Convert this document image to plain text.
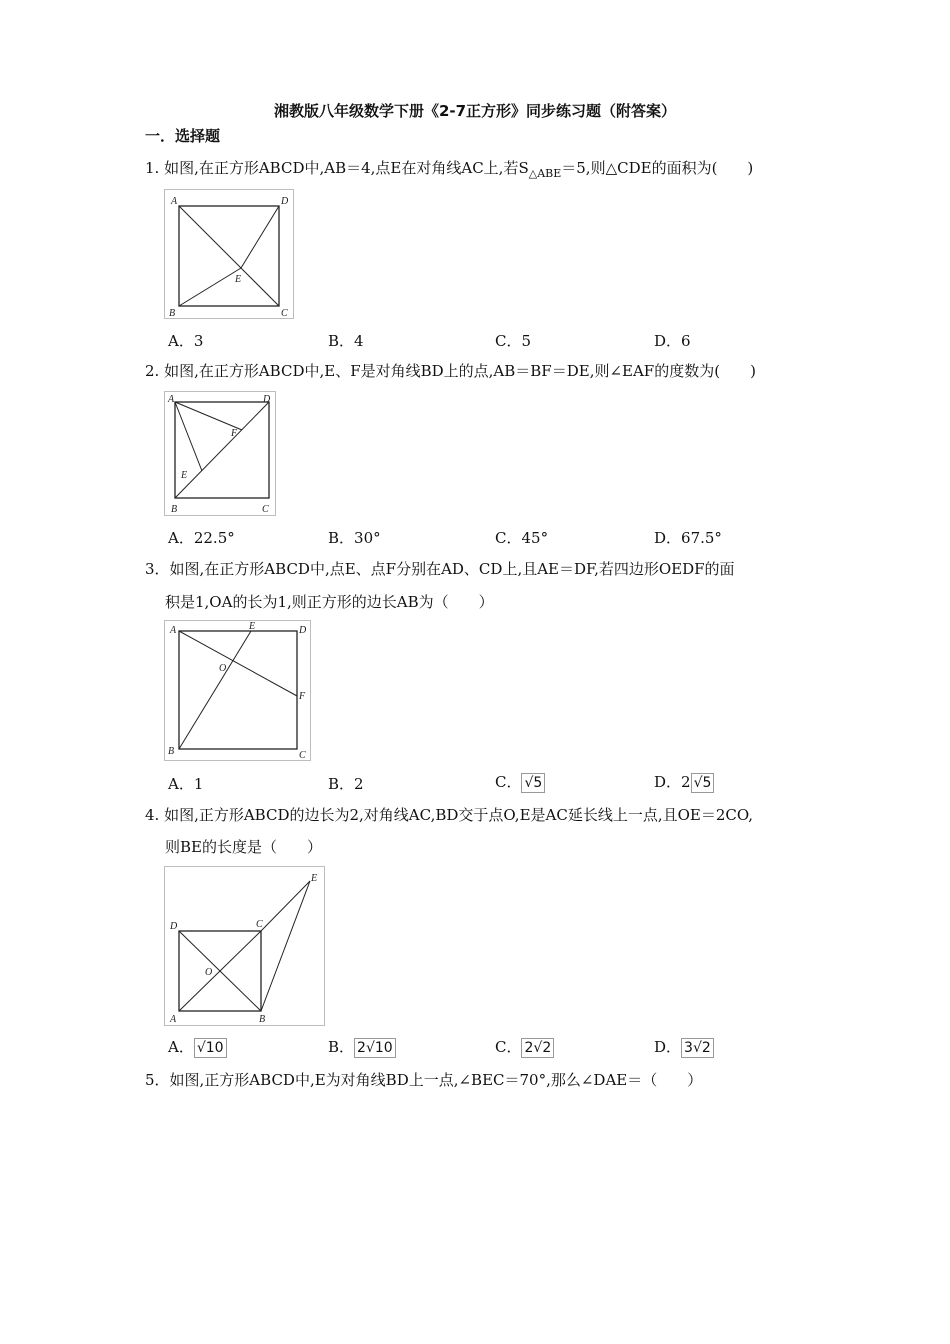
湘教版八年级数学下册《2-7正方形》同步练习题（附答案）
一．选择题
1. 如图,在正方形ABCD中,AB＝4,点E在对角线AC上,若$S_{\triangle ABE}=5$,则△CDE的面积为(　　)
A	D
E
B	C
A．3	B．4	C．5	D．6
2. 如图,在正方形ABCD中,E、F是对角线BD上的点,AB＝BF＝DE,则∠EAF的度数为(　　)
A	D
F
E
B	C
A．22.5°	B．30°	C．45°	D．67.5°
3．如图,在正方形ABCD中,点E、点F分别在AD、CD上,且AE＝DF,若四边形OEDF的面
积是1,OA的长为1,则正方形的边长AB为（　　）
A	E	D
O
F
B	C
A．1	B．2	C． √5	D．2 √5
4. 如图,正方形ABCD的边长为2,对角线AC,BD交于点O,E是AC延长线上一点,且OE＝2CO,
则BE的长度是（　　）
E
D	C
O
A	B
A． √10	B． 2√10	C． 2√2	D． 3√2
5．如图,正方形ABCD中,E为对角线BD上一点,∠BEC＝70°,那么∠DAE＝（　　）
